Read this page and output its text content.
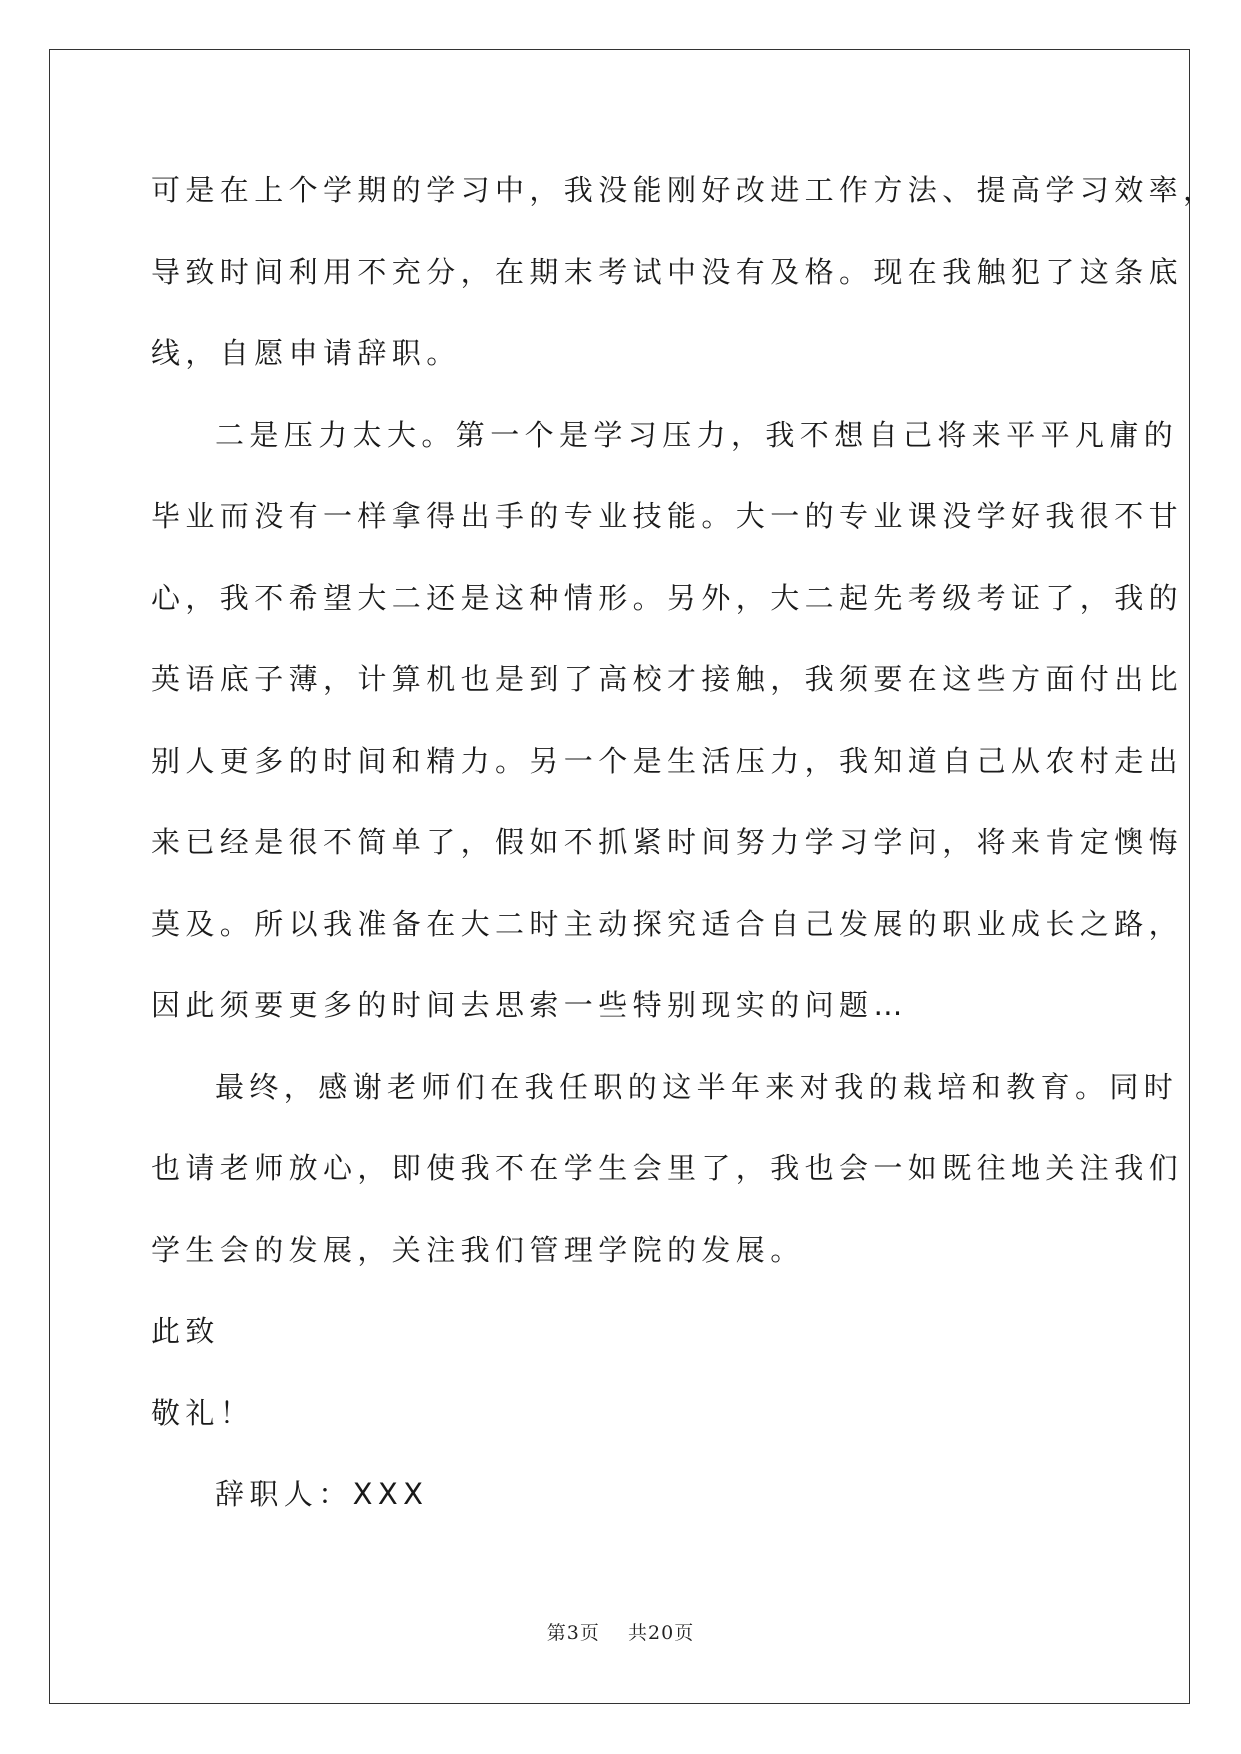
可是在上个学期的学习中，我没能刚好改进工作方法、提高学习效率，
导致时间利用不充分，在期末考试中没有及格。现在我触犯了这条底
线，自愿申请辞职。
二是压力太大。第一个是学习压力，我不想自己将来平平凡庸的
毕业而没有一样拿得出手的专业技能。大一的专业课没学好我很不甘
心，我不希望大二还是这种情形。另外，大二起先考级考证了，我的
英语底子薄，计算机也是到了高校才接触，我须要在这些方面付出比
别人更多的时间和精力。另一个是生活压力，我知道自己从农村走出
来已经是很不简单了，假如不抓紧时间努力学习学问，将来肯定懊悔
莫及。所以我准备在大二时主动探究适合自己发展的职业成长之路，
因此须要更多的时间去思索一些特别现实的问题…
最终，感谢老师们在我任职的这半年来对我的栽培和教育。同时
也请老师放心，即使我不在学生会里了，我也会一如既往地关注我们
学生会的发展，关注我们管理学院的发展。
此致
敬礼！
辞职人：XXX
第3页 共20页
